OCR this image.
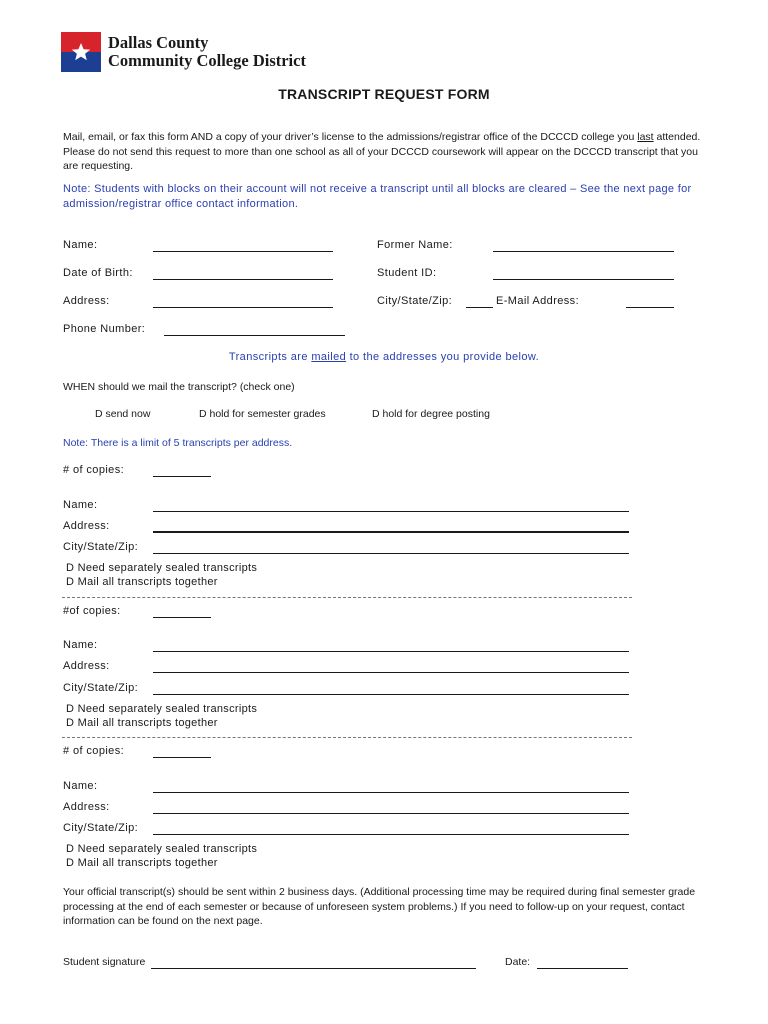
Dallas County
Community College District
TRANSCRIPT REQUEST FORM
Mail, email, or fax this form AND a copy of your driver’s license to the admissions/registrar office of the DCCCD college you last attended. Please do not send this request to more than one school as all of your DCCCD coursework will appear on the DCCCD transcript that you are requesting.
Note: Students with blocks on their account will not receive a transcript until all blocks are cleared – See the next page for admission/registrar office contact information.
Name:	Former Name:
Date of Birth:	Student ID:
Address:	City/State/Zip:	E-Mail Address:
Phone Number:
Transcripts are mailed to the addresses you provide below.
WHEN should we mail the transcript? (check one)
D send now	D hold for semester grades	D hold for degree posting
Note: There is a limit of 5 transcripts per address.
# of copies:
Name:
Address:
City/State/Zip:
D Need separately sealed transcripts
D Mail all transcripts together
#of copies:
Name:
Address:
City/State/Zip:
D Need separately sealed transcripts
D Mail all transcripts together
# of copies:
Name:
Address:
City/State/Zip:
D Need separately sealed transcripts
D Mail all transcripts together
Your official transcript(s) should be sent within 2 business days. (Additional processing time may be required during final semester grade processing at the end of each semester or because of unforeseen system problems.) If you need to follow-up on your request, contact information can be found on the next page.
Student signature	Date:
